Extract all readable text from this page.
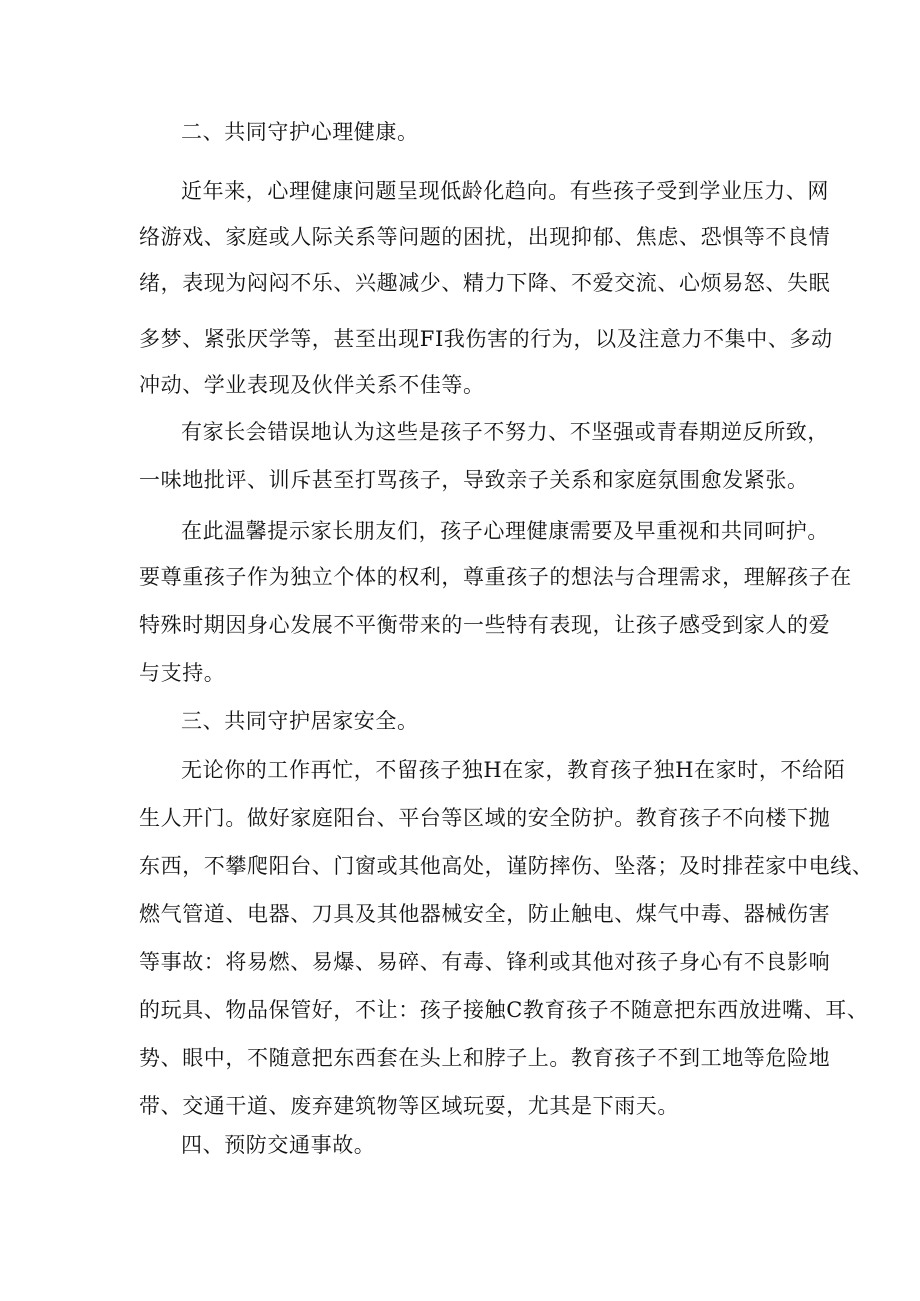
二、共同守护心理健康。
近年来，心理健康问题呈现低龄化趋向。有些孩子受到学业压力、网
络游戏、家庭或人际关系等问题的困扰，出现抑郁、焦虑、恐惧等不良情
绪，表现为闷闷不乐、兴趣减少、精力下降、不爱交流、心烦易怒、失眠
多梦、紧张厌学等，甚至出现FI我伤害的行为，以及注意力不集中、多动
冲动、学业表现及伙伴关系不佳等。
有家长会错误地认为这些是孩子不努力、不坚强或青春期逆反所致，
一味地批评、训斥甚至打骂孩子，导致亲子关系和家庭氛围愈发紧张。
在此温馨提示家长朋友们，孩子心理健康需要及早重视和共同呵护。
要尊重孩子作为独立个体的权利，尊重孩子的想法与合理需求，理解孩子在
特殊时期因身心发展不平衡带来的一些特有表现，让孩子感受到家人的爱
与支持。
三、共同守护居家安全。
无论你的工作再忙，不留孩子独H在家，教育孩子独H在家时，不给陌
生人开门。做好家庭阳台、平台等区域的安全防护。教育孩子不向楼下抛
东西，不攀爬阳台、门窗或其他高处，谨防摔伤、坠落；及时排茬家中电线、
燃气管道、电器、刀具及其他器械安全，防止触电、煤气中毒、器械伤害
等事故：将易燃、易爆、易碎、有毒、锋利或其他对孩子身心有不良影响
的玩具、物品保管好，不让：孩子接触C教育孩子不随意把东西放进嘴、耳、
势、眼中，不随意把东西套在头上和脖子上。教育孩子不到工地等危险地
带、交通干道、废弃建筑物等区域玩耍，尤其是下雨天。
四、预防交通事故。
